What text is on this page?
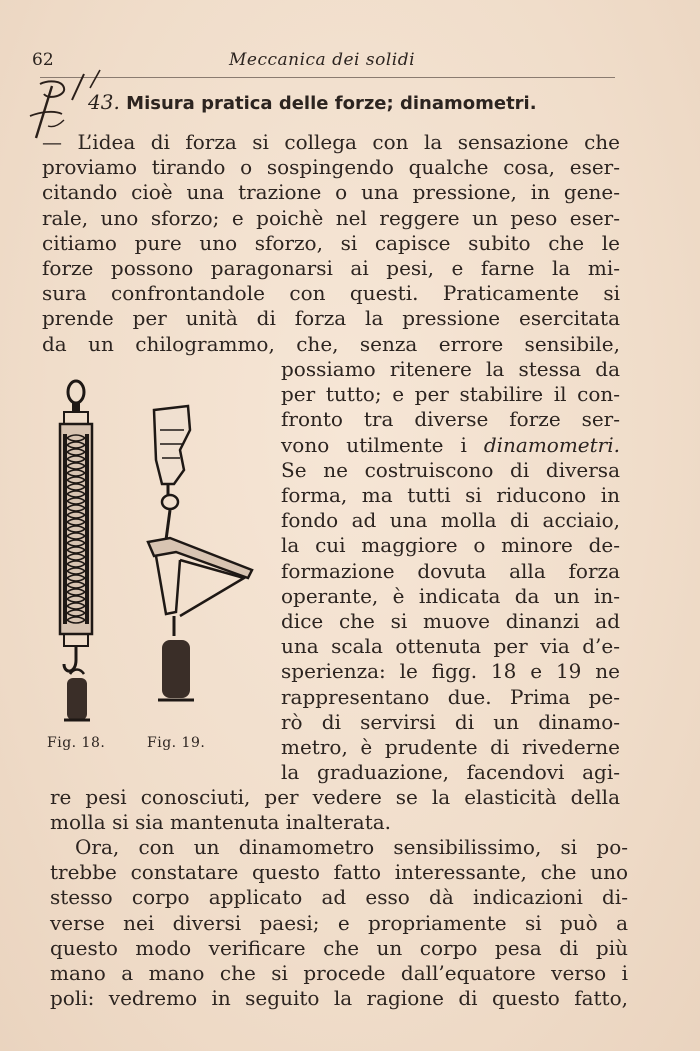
62	Meccanica dei solidi
43. Misura pratica delle forze; dinamometri.
— L’idea di forza si collega con la sensazione che
proviamo tirando o sospingendo qualche cosa, eser-
citando cioè una trazione o una pressione, in gene-
rale, uno sforzo; e poichè nel reggere un peso eser-
citiamo pure uno sforzo, si capisce subito che le
forze possono paragonarsi ai pesi, e farne la mi-
sura confrontandole con questi. Praticamente si
prende per unità di forza la pressione esercitata
da un chilogrammo, che, senza errore sensibile,
possiamo ritenere la stessa da
per tutto; e per stabilire il con-
fronto tra diverse forze ser-
vono utilmente i dinamometri.
Se ne costruiscono di diversa
forma, ma tutti si riducono in
fondo ad una molla di acciaio,
la cui maggiore o minore de-
formazione dovuta alla forza
operante, è indicata da un in-
dice che si muove dinanzi ad
una scala ottenuta per via d’e-
sperienza: le figg. 18 e 19 ne
rappresentano due. Prima pe-
rò di servirsi di un dinamo-
metro, è prudente di rivederne
la graduazione, facendovi agi-
re pesi conosciuti, per vedere se la elasticità della
molla si sia mantenuta inalterata.
Ora, con un dinamometro sensibilissimo, si po-
trebbe constatare questo fatto interessante, che uno
stesso corpo applicato ad esso dà indicazioni di-
verse nei diversi paesi; e propriamente si può a
questo modo verificare che un corpo pesa di più
mano a mano che si procede dall’equatore verso i
poli: vedremo in seguito la ragione di questo fatto,
Fig. 18.	Fig. 19.
